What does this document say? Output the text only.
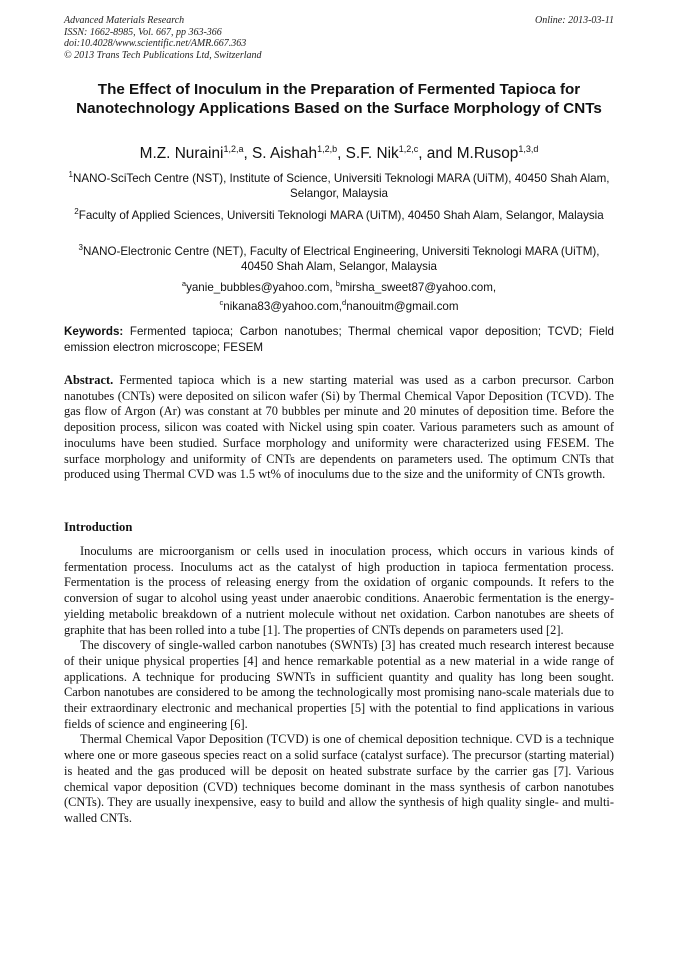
Advanced Materials Research
ISSN: 1662-8985, Vol. 667, pp 363-366
doi:10.4028/www.scientific.net/AMR.667.363
© 2013 Trans Tech Publications Ltd, Switzerland
Online: 2013-03-11
The Effect of Inoculum in the Preparation of Fermented Tapioca for Nanotechnology Applications Based on the Surface Morphology of CNTs
M.Z. Nuraini$^{1,2,a}$, S. Aishah$^{1,2,b}$, S.F. Nik$^{1,2,c}$, and M.Rusop$^{1,3,d}$
$^1$NANO-SciTech Centre (NST), Institute of Science, Universiti Teknologi MARA (UiTM), 40450 Shah Alam, Selangor, Malaysia
$^2$Faculty of Applied Sciences, Universiti Teknologi MARA (UiTM), 40450 Shah Alam, Selangor, Malaysia
$^3$NANO-Electronic Centre (NET), Faculty of Electrical Engineering, Universiti Teknologi MARA (UiTM), 40450 Shah Alam, Selangor, Malaysia
$^a$yanie_bubbles@yahoo.com, $^b$mirsha_sweet87@yahoo.com,
$^c$nikana83@yahoo.com,$^d$nanouitm@gmail.com
Keywords: Fermented tapioca; Carbon nanotubes; Thermal chemical vapor deposition; TCVD; Field emission electron microscope; FESEM
Abstract. Fermented tapioca which is a new starting material was used as a carbon precursor. Carbon nanotubes (CNTs) were deposited on silicon wafer (Si) by Thermal Chemical Vapor Deposition (TCVD). The gas flow of Argon (Ar) was constant at 70 bubbles per minute and 20 minutes of deposition time. Before the deposition process, silicon was coated with Nickel using spin coater. Various parameters such as amount of inoculums have been studied. Surface morphology and uniformity were characterized using FESEM. The surface morphology and uniformity of CNTs are dependents on parameters used. The optimum CNTs that produced using Thermal CVD was 1.5 wt% of inoculums due to the size and the uniformity of CNTs growth.
Introduction

Inoculums are microorganism or cells used in inoculation process, which occurs in various kinds of fermentation process. Inoculums act as the catalyst of high production in tapioca fermentation process. Fermentation is the process of releasing energy from the oxidation of organic compounds. It refers to the conversion of sugar to alcohol using yeast under anaerobic conditions. Anaerobic fermentation is the energy-yielding metabolic breakdown of a nutrient molecule without net oxidation. Carbon nanotubes are sheets of graphite that has been rolled into a tube [1]. The properties of CNTs depends on parameters used [2].

The discovery of single-walled carbon nanotubes (SWNTs) [3] has created much research interest because of their unique physical properties [4] and hence remarkable potential as a new material in a wide range of applications. A technique for producing SWNTs in sufficient quantity and quality has long been sought. Carbon nanotubes are considered to be among the technologically most promising nano-scale materials due to their extraordinary electronic and mechanical properties [5] with the potential to find applications in various fields of science and engineering [6].

Thermal Chemical Vapor Deposition (TCVD) is one of chemical deposition technique. CVD is a technique where one or more gaseous species react on a solid surface (catalyst surface). The precursor (starting material) is heated and the gas produced will be deposit on heated substrate surface by the carrier gas [7]. Various chemical vapor deposition (CVD) techniques become dominant in the mass synthesis of carbon nanotubes (CNTs). They are usually inexpensive, easy to build and allow the synthesis of high quality single- and multi-walled CNTs.
